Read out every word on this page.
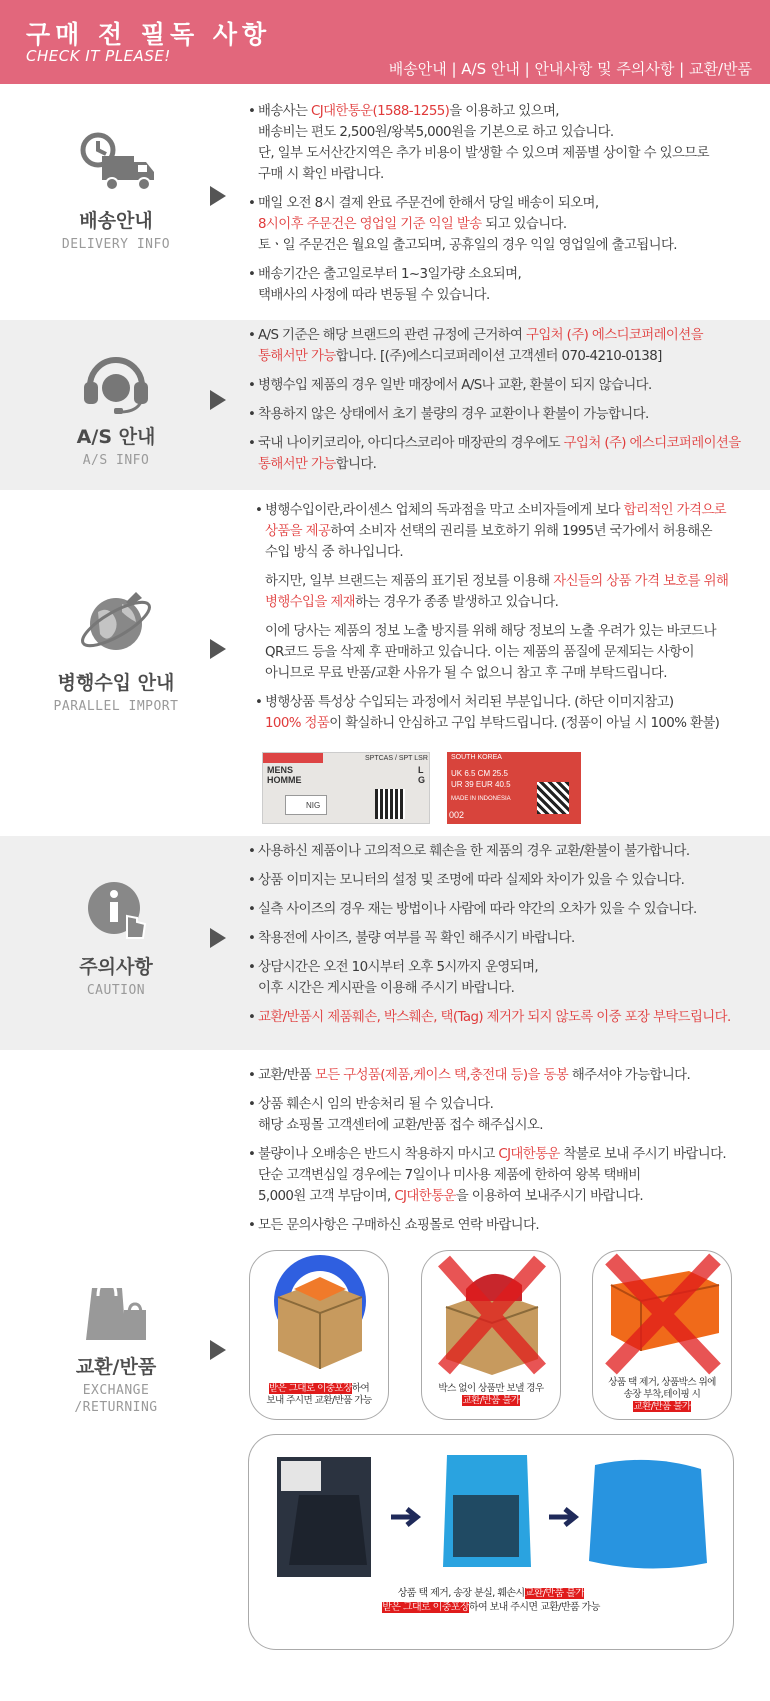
구매 전 필독 사항
CHECK IT PLEASE!
배송안내 | A/S 안내 | 안내사항 및 주의사항 | 교환/반품
배송안내
DELIVERY INFO
• 배송사는 CJ대한통운(1588-1255)을 이용하고 있으며,
배송비는 편도 2,500원/왕복5,000원을 기본으로 하고 있습니다.
단, 일부 도서산간지역은 추가 비용이 발생할 수 있으며 제품별 상이할 수 있으므로
구매 시 확인 바랍니다.
• 매일 오전 8시 결제 완료 주문건에 한해서 당일 배송이 되오며,
8시이후 주문건은 영업일 기준 익일 발송 되고 있습니다.
토ㆍ일 주문건은 월요일 출고되며, 공휴일의 경우 익일 영업일에 출고됩니다.
• 배송기간은 출고일로부터 1~3일가량 소요되며,
택배사의 사정에 따라 변동될 수 있습니다.
A/S 안내
A/S INFO
• A/S 기준은 해당 브랜드의 관련 규정에 근거하여 구입처 (주) 에스디코퍼레이션을
통해서만 가능합니다. [(주)에스디코퍼레이션 고객센터 070-4210-0138]
• 병행수입 제품의 경우 일반 매장에서 A/S나 교환, 환불이 되지 않습니다.
• 착용하지 않은 상태에서 초기 불량의 경우 교환이나 환불이 가능합니다.
• 국내 나이키코리아, 아디다스코리아 매장판의 경우에도 구입처 (주) 에스디코퍼레이션을
통해서만 가능합니다.
병행수입 안내
PARALLEL IMPORT
• 병행수입이란,라이센스 업체의 독과점을 막고 소비자들에게 보다 합리적인 가격으로
상품을 제공하여 소비자 선택의 권리를 보호하기 위해 1995년 국가에서 허용해온
수입 방식 중 하나입니다.
하지만, 일부 브랜드는 제품의 표기된 정보를 이용해 자신들의 상품 가격 보호를 위해
병행수입을 제재하는 경우가 종종 발생하고 있습니다.
이에 당사는 제품의 정보 노출 방지를 위해 해당 정보의 노출 우려가 있는 바코드나
QR코드 등을 삭제 후 판매하고 있습니다. 이는 제품의 품질에 문제되는 사항이
아니므로 무료 반품/교환 사유가 될 수 없으니 참고 후 구매 부탁드립니다.
• 병행상품 특성상 수입되는 과정에서 처리된 부분입니다. (하단 이미지참고)
100% 정품이 확실하니 안심하고 구입 부탁드립니다. (정품이 아닐 시 100% 환불)
MENS
HOMME
SPTCAS / SPT LSR
L
G
NIG
SOUTH KOREA
UK 6.5 CM 25.5
UR 39 EUR 40.5
MADE IN INDONESIA
002
주의사항
CAUTION
• 사용하신 제품이나 고의적으로 훼손을 한 제품의 경우 교환/환불이 불가합니다.
• 상품 이미지는 모니터의 설정 및 조명에 따라 실제와 차이가 있을 수 있습니다.
• 실측 사이즈의 경우 재는 방법이나 사람에 따라 약간의 오차가 있을 수 있습니다.
• 착용전에 사이즈, 불량 여부를 꼭 확인 해주시기 바랍니다.
• 상담시간은 오전 10시부터 오후 5시까지 운영되며,
이후 시간은 게시판을 이용해 주시기 바랍니다.
• 교환/반품시 제품훼손, 박스훼손, 택(Tag) 제거가 되지 않도록 이중 포장 부탁드립니다.
교환/반품
EXCHANGE
/RETURNING
• 교환/반품 모든 구성품(제품,케이스 택,충전대 등)을 동봉 해주셔야 가능합니다.
• 상품 훼손시 임의 반송처리 될 수 있습니다.
해당 쇼핑몰 고객센터에 교환/반품 접수 해주십시오.
• 불량이나 오배송은 반드시 착용하지 마시고 CJ대한통운 착불로 보내 주시기 바랍니다.
단순 고객변심일 경우에는 7일이나 미사용 제품에 한하여 왕복 택배비
5,000원 고객 부담이며, CJ대한통운을 이용하여 보내주시기 바랍니다.
• 모든 문의사항은 구매하신 쇼핑몰로 연락 바랍니다.
받은 그대로 이중포장하여
보내 주시면 교환/반품 가능
박스 없이 상품만 보낼 경우
교환/반품 불가
상품 택 제거, 상품박스 위에
송장 부착,테이핑 시
교환/반품 불가
상품 택 제거, 송장 분실, 훼손시교환/반품 불가
받은 그대로 이중포장하여 보내 주시면 교환/반품 가능
